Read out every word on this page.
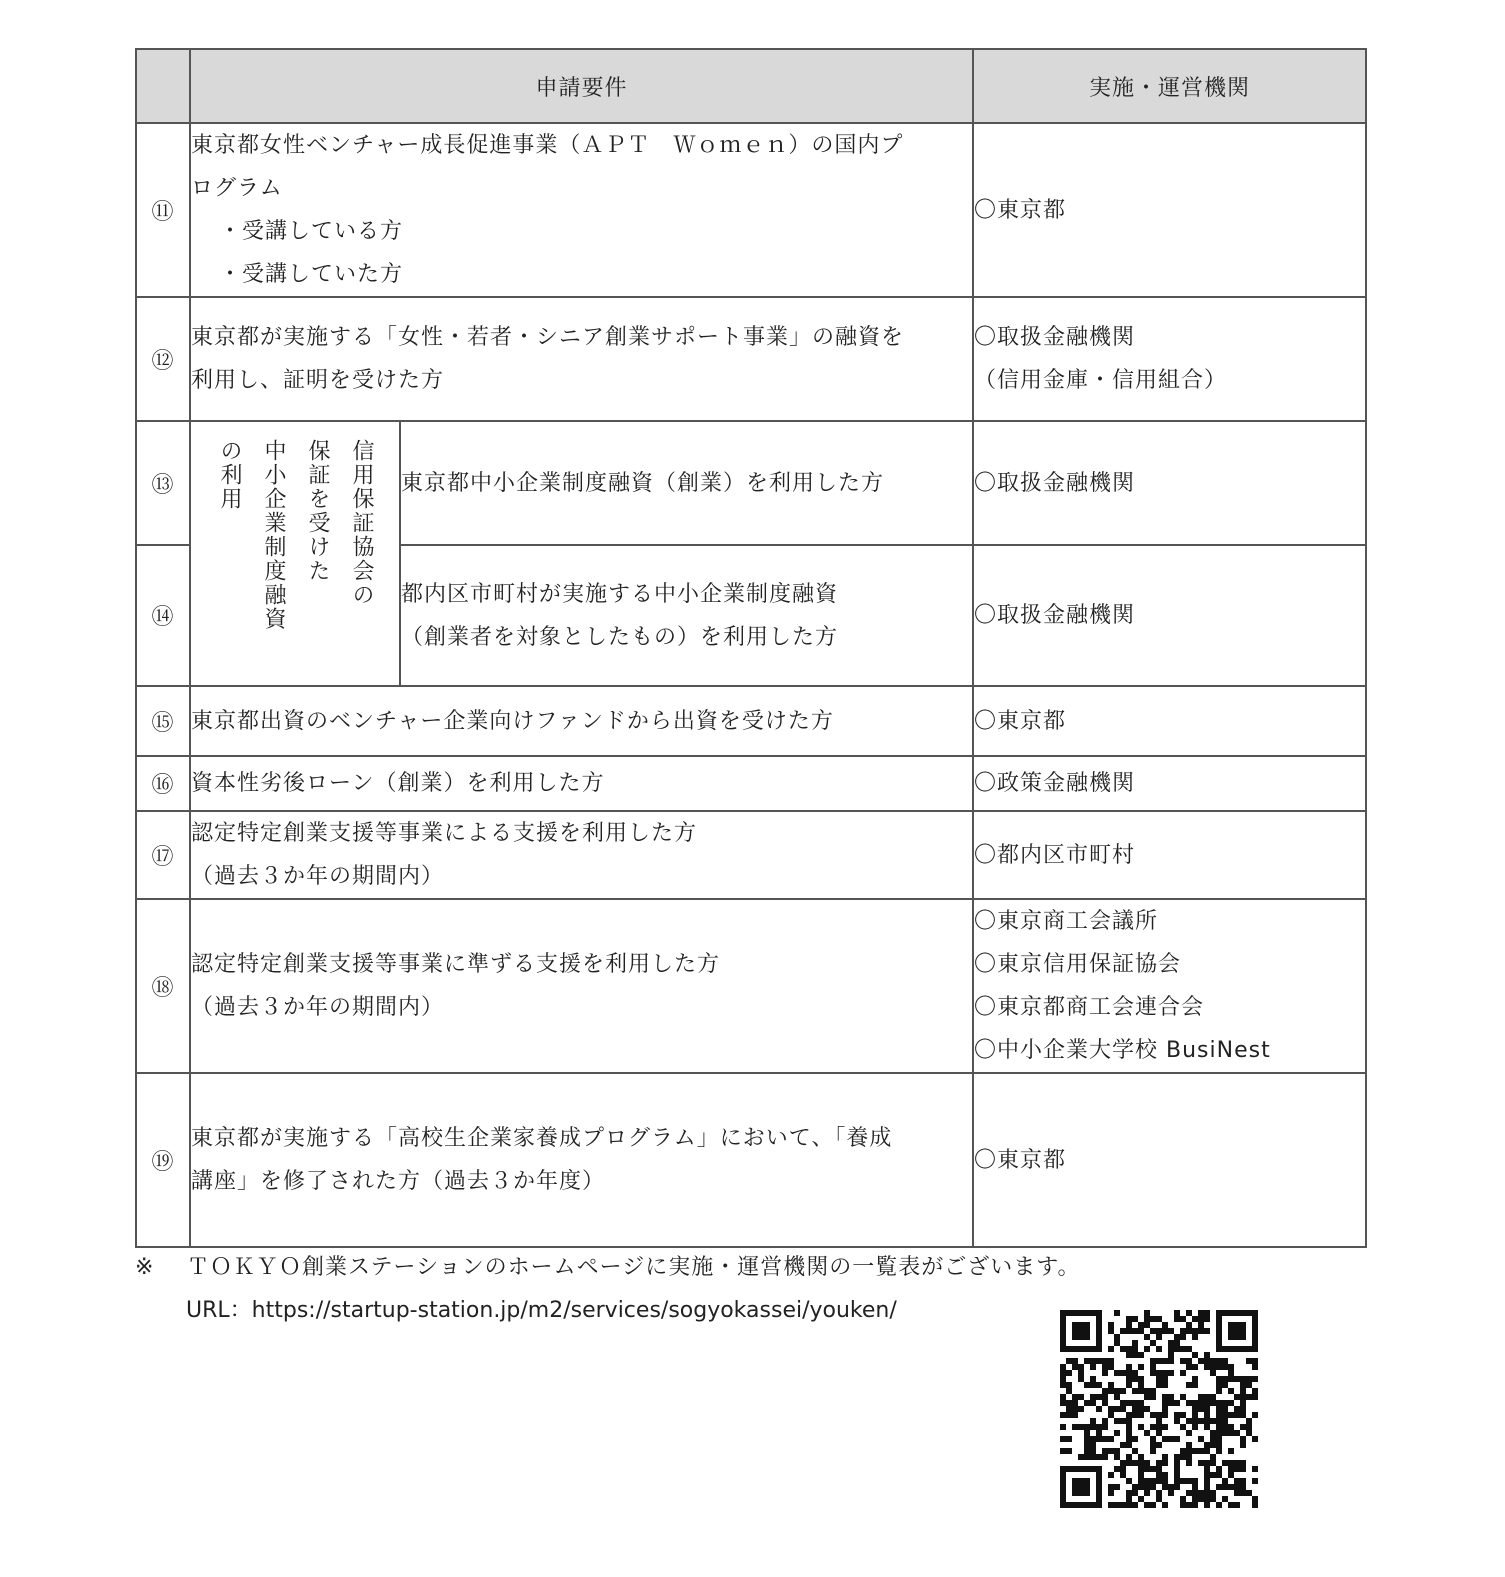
	申請要件		実施・運営機関
⑪	東京都女性ベンチャー成長促進事業（ＡＰＴ　Ｗｏｍｅｎ）の国内プ
ログラム

・受講している方
・受講していた方		〇東京都
⑫	東京都が実施する「女性・若者・シニア創業サポート事業」の融資を
利用し、証明を受けた方		〇取扱金融機関
（信用金庫・信用組合）
⑬	信用保証協会の
保証を受けた
中小企業制度融資
の利用	東京都中小企業制度融資（創業）を利用した方	〇取扱金融機関
⑭		都内区市町村が実施する中小企業制度融資
（創業者を対象としたもの）を利用した方	〇取扱金融機関
⑮	東京都出資のベンチャー企業向けファンドから出資を受けた方		〇東京都
⑯	資本性劣後ローン（創業）を利用した方		〇政策金融機関
⑰	認定特定創業支援等事業による支援を利用した方
（過去３か年の期間内）		〇都内区市町村
⑱	認定特定創業支援等事業に準ずる支援を利用した方
（過去３か年の期間内）		〇東京商工会議所
〇東京信用保証協会
〇東京都商工会連合会
〇中小企業大学校 BusiNest
⑲	東京都が実施する「高校生企業家養成プログラム」において、「養成
講座」を修了された方（過去３か年度）		〇東京都
※ ＴＯＫＹＯ創業ステーションのホームページに実施・運営機関の一覧表がございます。
URL：https://startup-station.jp/m2/services/sogyokassei/youken/
